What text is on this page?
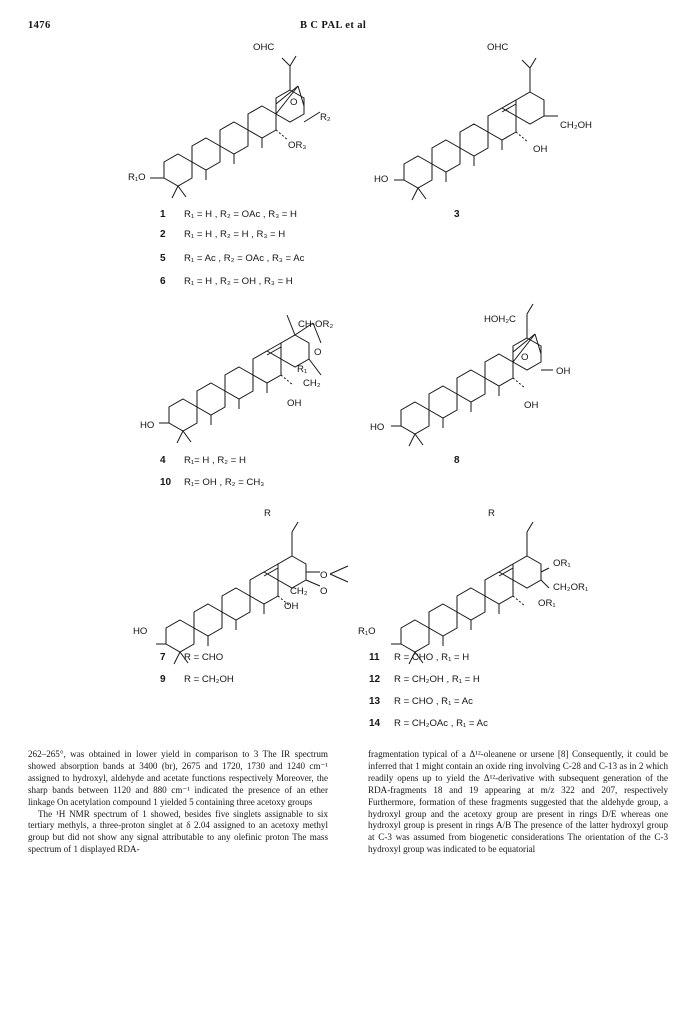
1476	B C PAL et al
OHC
O
R₂
OR₃
R₁O
OHC
CH₂OH
OH
HO
1 R₁ = H , R₂ = OAc , R₃ = H
2 R₁ = H , R₂ = H , R₃ = H
5 R₁ = Ac , R₂ = OAc , R₃ = Ac
6 R₁ = H , R₂ = OH , R₃ = H
3
CH-OR₂
O
R₁
CH₂
OH
HO
4 R₁= H , R₂ = H
10 R₁= OH , R₂ = CH₃
HOH₂C
O
OH
OH
HO
8
R
O
CH₂ O
OH
HO
7 R = CHO
9 R = CH₂OH
R
OR₁
CH₂OR₁
OR₁
R₁O
11 R = CHO , R₁ = H
12 R = CH₂OH , R₁ = H
13 R = CHO , R₁ = Ac
14 R = CH₂OAc , R₁ = Ac

262–265°, was obtained in lower yield in comparison to 3 The IR spectrum showed absorption bands at 3400 (br), 2675 and 1720, 1730 and 1240 cm⁻¹ assigned to hydroxyl, aldehyde and acetate functions respectively Moreover, the sharp bands between 1120 and 880 cm⁻¹ indicated the presence of an ether linkage On acetylation compound 1 yielded 5 containing three acetoxy groups

The ¹H NMR spectrum of 1 showed, besides five singlets assignable to six tertiary methyls, a three-proton singlet at δ 2.04 assigned to an acetoxy methyl group but did not show any signal attributable to any olefinic proton The mass spectrum of 1 displayed RDA-

fragmentation typical of a Δ¹²-oleanene or ursene [8] Consequently, it could be inferred that 1 might contain an oxide ring involving C-28 and C-13 as in 2 which readily opens up to yield the Δ¹²-derivative with subsequent generation of the RDA-fragments 18 and 19 appearing at m/z 322 and 207, respectively Furthermore, formation of these fragments suggested that the aldehyde group, a hydroxyl group and the acetoxy group are present in rings D/E whereas one hydroxyl group is present in rings A/B The presence of the latter hydroxyl group at C-3 was assumed from biogenetic considerations The orientation of the C-3 hydroxyl group was indicated to be equatorial
